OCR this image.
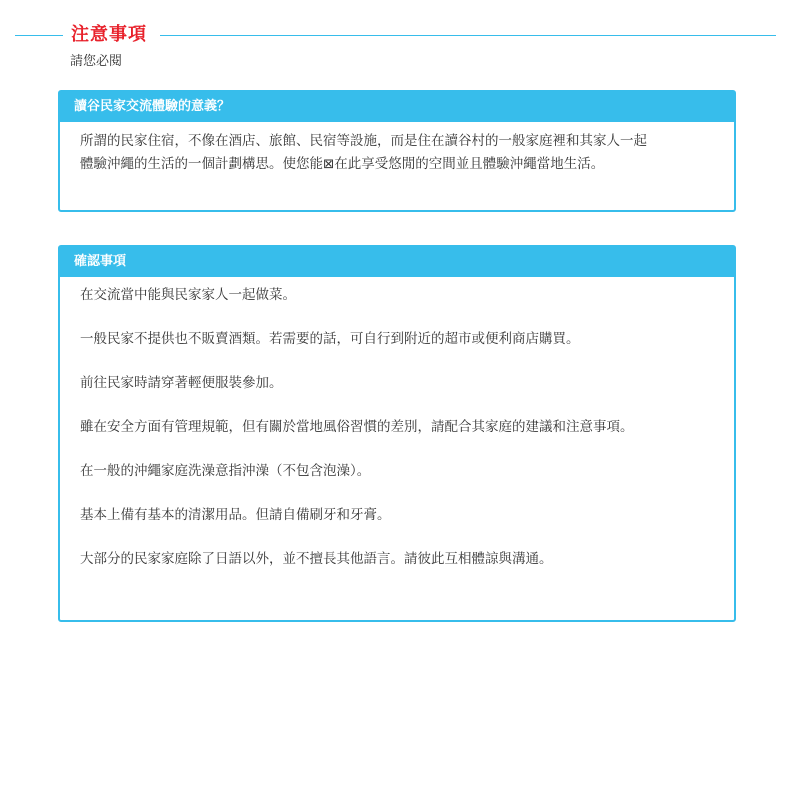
注意事項
請您必閱
讀谷民家交流體驗的意義？

所謂的民家住宿，不像在酒店、旅館、民宿等設施，而是住在讀谷村的一般家庭裡和其家人一起

體驗沖繩的生活的一個計劃構思。使您能⊠在此享受悠閒的空間並且體驗沖繩當地生活。

確認事項
在交流當中能與民家家人一起做菜。
一般民家不提供也不販賣酒類。若需要的話，可自行到附近的超市或便利商店購買。
前往民家時請穿著輕便服裝參加。
雖在安全方面有管理規範，但有關於當地風俗習慣的差別，請配合其家庭的建議和注意事項。
在一般的沖繩家庭洗澡意指沖澡（不包含泡澡）。
基本上備有基本的清潔用品。但請自備刷牙和牙膏。
大部分的民家家庭除了日語以外，並不擅長其他語言。請彼此互相體諒與溝通。
